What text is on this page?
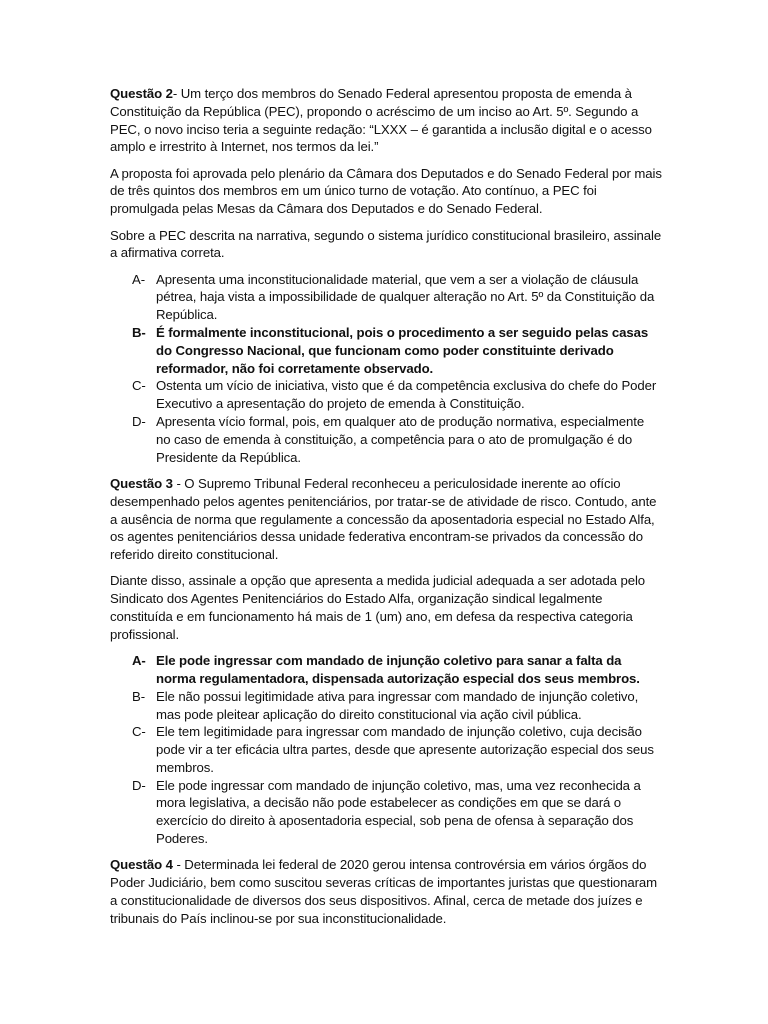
Questão 2- Um terço dos membros do Senado Federal apresentou proposta de emenda à Constituição da República (PEC), propondo o acréscimo de um inciso ao Art. 5º. Segundo a PEC, o novo inciso teria a seguinte redação: “LXXX – é garantida a inclusão digital e o acesso amplo e irrestrito à Internet, nos termos da lei.”

A proposta foi aprovada pelo plenário da Câmara dos Deputados e do Senado Federal por mais de três quintos dos membros em um único turno de votação. Ato contínuo, a PEC foi promulgada pelas Mesas da Câmara dos Deputados e do Senado Federal.

Sobre a PEC descrita na narrativa, segundo o sistema jurídico constitucional brasileiro, assinale a afirmativa correta.

A- Apresenta uma inconstitucionalidade material, que vem a ser a violação de cláusula pétrea, haja vista a impossibilidade de qualquer alteração no Art. 5º da Constituição da República.
B- É formalmente inconstitucional, pois o procedimento a ser seguido pelas casas do Congresso Nacional, que funcionam como poder constituinte derivado reformador, não foi corretamente observado.
C- Ostenta um vício de iniciativa, visto que é da competência exclusiva do chefe do Poder Executivo a apresentação do projeto de emenda à Constituição.
D- Apresenta vício formal, pois, em qualquer ato de produção normativa, especialmente no caso de emenda à constituição, a competência para o ato de promulgação é do Presidente da República.

Questão 3 - O Supremo Tribunal Federal reconheceu a periculosidade inerente ao ofício desempenhado pelos agentes penitenciários, por tratar-se de atividade de risco. Contudo, ante a ausência de norma que regulamente a concessão da aposentadoria especial no Estado Alfa, os agentes penitenciários dessa unidade federativa encontram-se privados da concessão do referido direito constitucional.

Diante disso, assinale a opção que apresenta a medida judicial adequada a ser adotada pelo Sindicato dos Agentes Penitenciários do Estado Alfa, organização sindical legalmente constituída e em funcionamento há mais de 1 (um) ano, em defesa da respectiva categoria profissional.

A- Ele pode ingressar com mandado de injunção coletivo para sanar a falta da norma regulamentadora, dispensada autorização especial dos seus membros.
B- Ele não possui legitimidade ativa para ingressar com mandado de injunção coletivo, mas pode pleitear aplicação do direito constitucional via ação civil pública.
C- Ele tem legitimidade para ingressar com mandado de injunção coletivo, cuja decisão pode vir a ter eficácia ultra partes, desde que apresente autorização especial dos seus membros.
D- Ele pode ingressar com mandado de injunção coletivo, mas, uma vez reconhecida a mora legislativa, a decisão não pode estabelecer as condições em que se dará o exercício do direito à aposentadoria especial, sob pena de ofensa à separação dos Poderes.

Questão 4 - Determinada lei federal de 2020 gerou intensa controvérsia em vários órgãos do Poder Judiciário, bem como suscitou severas críticas de importantes juristas que questionaram a constitucionalidade de diversos dos seus dispositivos. Afinal, cerca de metade dos juízes e tribunais do País inclinou-se por sua inconstitucionalidade.
